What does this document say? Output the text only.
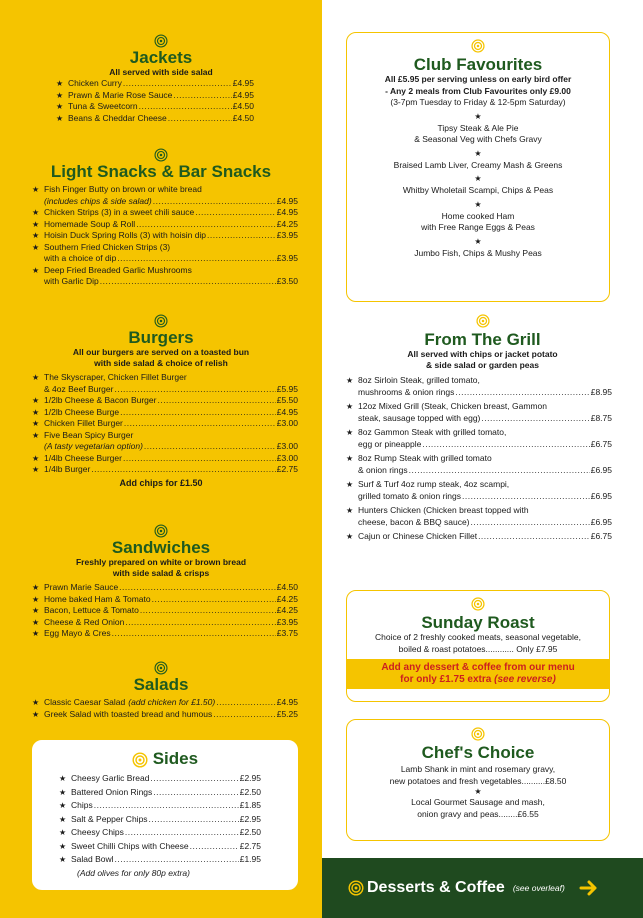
Jackets
All served with side salad
★ Chicken Curry .....	£4.95
★ Prawn & Marie Rose Sauce .....	£4.95
★ Tuna & Sweetcorn .....	£4.50
★ Beans & Cheddar Cheese .....	£4.50
Light Snacks & Bar Snacks
★ Fish Finger Butty on brown or white bread
(includes chips & side salad) .....	£4.95
★ Chicken Strips (3) in a sweet chili sauce .....	£4.95
★ Homemade Soup & Roll .....	£4.25
★ Hoisin Duck Spring Rolls (3) with hoisin dip .....	£3.95
★ Southern Fried Chicken Strips (3)
with a choice of dip .....	£3.95
★ Deep Fried Breaded Garlic Mushrooms
with Garlic Dip .....	£3.50
Burgers
All our burgers are served on a toasted bun
with side salad & choice of relish
★ The Skyscraper, Chicken Fillet Burger
& 4oz Beef Burger .....	£5.95
★ 1/2lb Cheese & Bacon Burger .....	£5.50
★ 1/2lb Cheese Burge .....	£4.95
★ Chicken Fillet Burger .....	£3.00
★ Five Bean Spicy Burger
(A tasty vegetarian option) .....	£3.00
★ 1/4lb Cheese Burger .....	£3.00
★ 1/4lb Burger .....	£2.75
Add chips for £1.50
Sandwiches
Freshly prepared on white or brown bread
with side salad & crisps
★ Prawn Marie Sauce .....	£4.50
★ Home baked Ham & Tomato .....	£4.25
★ Bacon, Lettuce & Tomato .....	£4.25
★ Cheese & Red Onion .....	£3.95
★ Egg Mayo & Cres .....	£3.75
Salads
★ Classic Caesar Salad (add chicken for £1.50) .....	£4.95
★ Greek Salad with toasted bread and humous .....	£5.25
Sides
★ Cheesy Garlic Bread .....	£2.95
★ Battered Onion Rings .....	£2.50
★ Chips .....	£1.85
★ Salt & Pepper Chips .....	£2.95
★ Cheesy Chips .....	£2.50
★ Sweet Chilli Chips with Cheese .....	£2.75
★ Salad Bowl .....	£1.95
(Add olives for only 80p extra)
Club Favourites
All £5.95 per serving unless on early bird offer
- Any 2 meals from Club Favourites only £9.00
(3-7pm Tuesday to Friday & 12-5pm Saturday)
★
Tipsy Steak & Ale Pie
& Seasonal Veg with Chefs Gravy
★
Braised Lamb Liver, Creamy Mash & Greens
★
Whitby Wholetail Scampi, Chips & Peas
★
Home cooked Ham
with Free Range Eggs & Peas
★
Jumbo Fish, Chips & Mushy Peas
From The Grill
All served with chips or jacket potato
& side salad or garden peas
★ 8oz Sirloin Steak, grilled tomato,
mushrooms & onion rings .....	£8.95
★ 12oz Mixed Grill (Steak, Chicken breast, Gammon
steak, sausage topped with egg) .....	£8.75
★ 8oz Gammon Steak with grilled tomato,
egg or pineapple .....	£6.75
★ 8oz Rump Steak with grilled tomato
& onion rings .....	£6.95
★ Surf & Turf 4oz rump steak, 4oz scampi,
grilled tomato & onion rings .....	£6.95
★ Hunters Chicken (Chicken breast topped with
cheese, bacon & BBQ sauce) .....	£6.95
★ Cajun or Chinese Chicken Fillet .....	£6.75
Sunday Roast
Choice of 2 freshly cooked meats, seasonal vegetable,
boiled & roast potatoes............ Only £7.95
Add any dessert & coffee from our menu
for only £1.75 extra (see reverse)
Chef's Choice
Lamb Shank in mint and rosemary gravy,
new potatoes and fresh vegetables..........£8.50
★
Local Gourmet Sausage and mash,
onion gravy and peas........£6.55
Desserts & Coffee (see overleaf)
